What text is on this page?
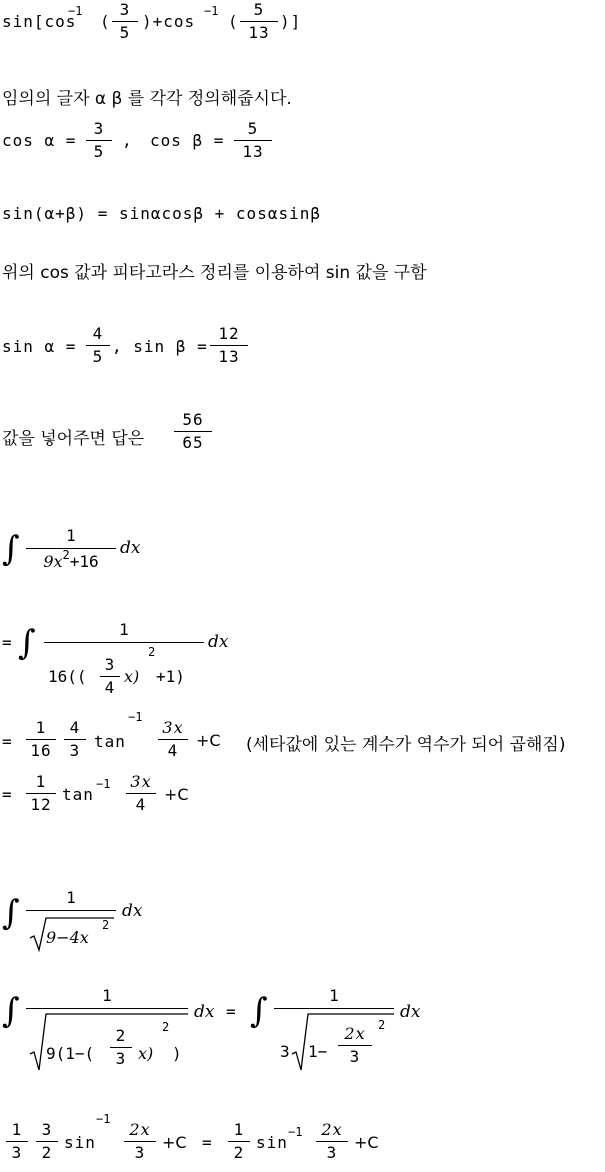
sin[cos
−1
(
3
5
)+cos
−1
(
5
13
)]
임의의 글자 α β 를 각각 정의해줍시다.
cos α =
3
5
, cos β =
5
13
sin(α+β) = sinαcosβ + cosαsinβ
위의 cos 값과 피타고라스 정리를 이용하여 sin 값을 구함
sin α =
4
5
, sin β =
12
13
값을 넣어주면 답은
56
65
∫	1
$9x^2+16$
dx
= ∫	1
16((
3
4
x)
2
+1)
dx
=
1
16
4
3 tan
−1
3x
4
+C (세타값에 있는 계수가 역수가 되어 곱해짐)
=
1
12
tan
−1 3x
4
+C
∫	1
9−4x
2
dx
∫	1
9(1−(
2
3 x)
2
)
dx = ∫	1
3 1−
2x
3
2
dx
1
3
3
2
sin
−1
2x
3
+C =
1
2
sin
−1	2x
3
+C
